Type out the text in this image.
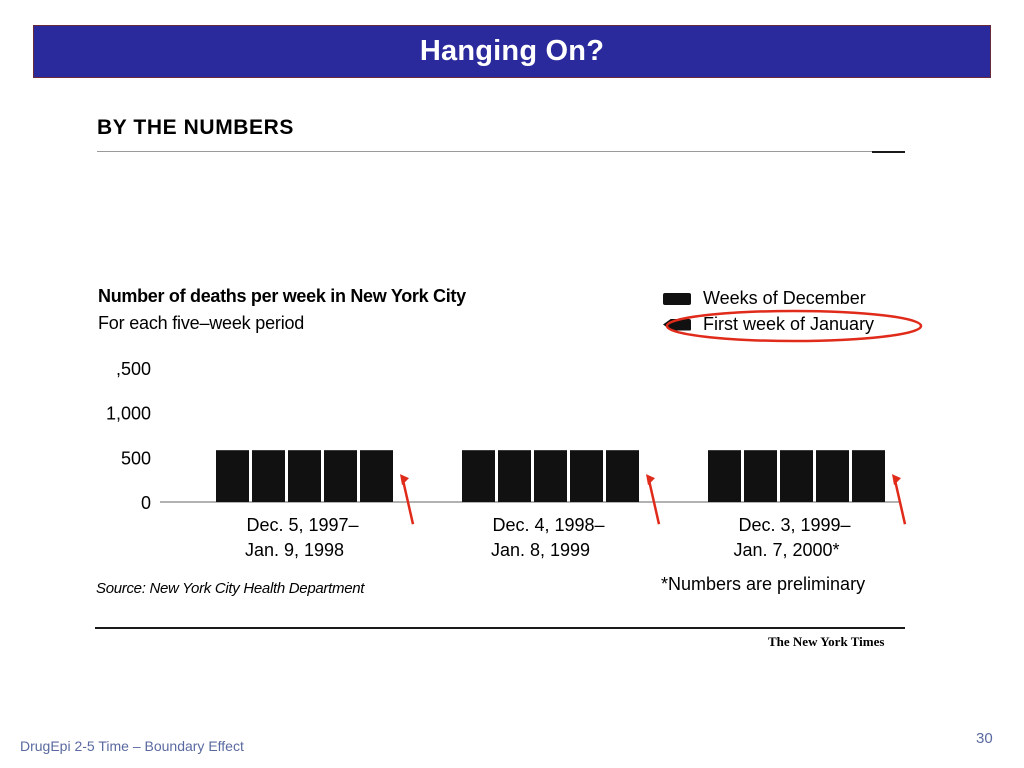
Hanging On?
BY THE NUMBERS
Number of deaths per week in New York City
For each five–week period
Weeks of December
First week of January
0
500
1,000
,500
Dec. 5, 1997–
Jan. 9, 1998
Dec. 4, 1998–
Jan. 8, 1999
Dec. 3, 1999–
Jan. 7, 2000*
Source: New York City Health Department	*Numbers are preliminary
The New York Times
DrugEpi 2-5 Time – Boundary Effect	30
